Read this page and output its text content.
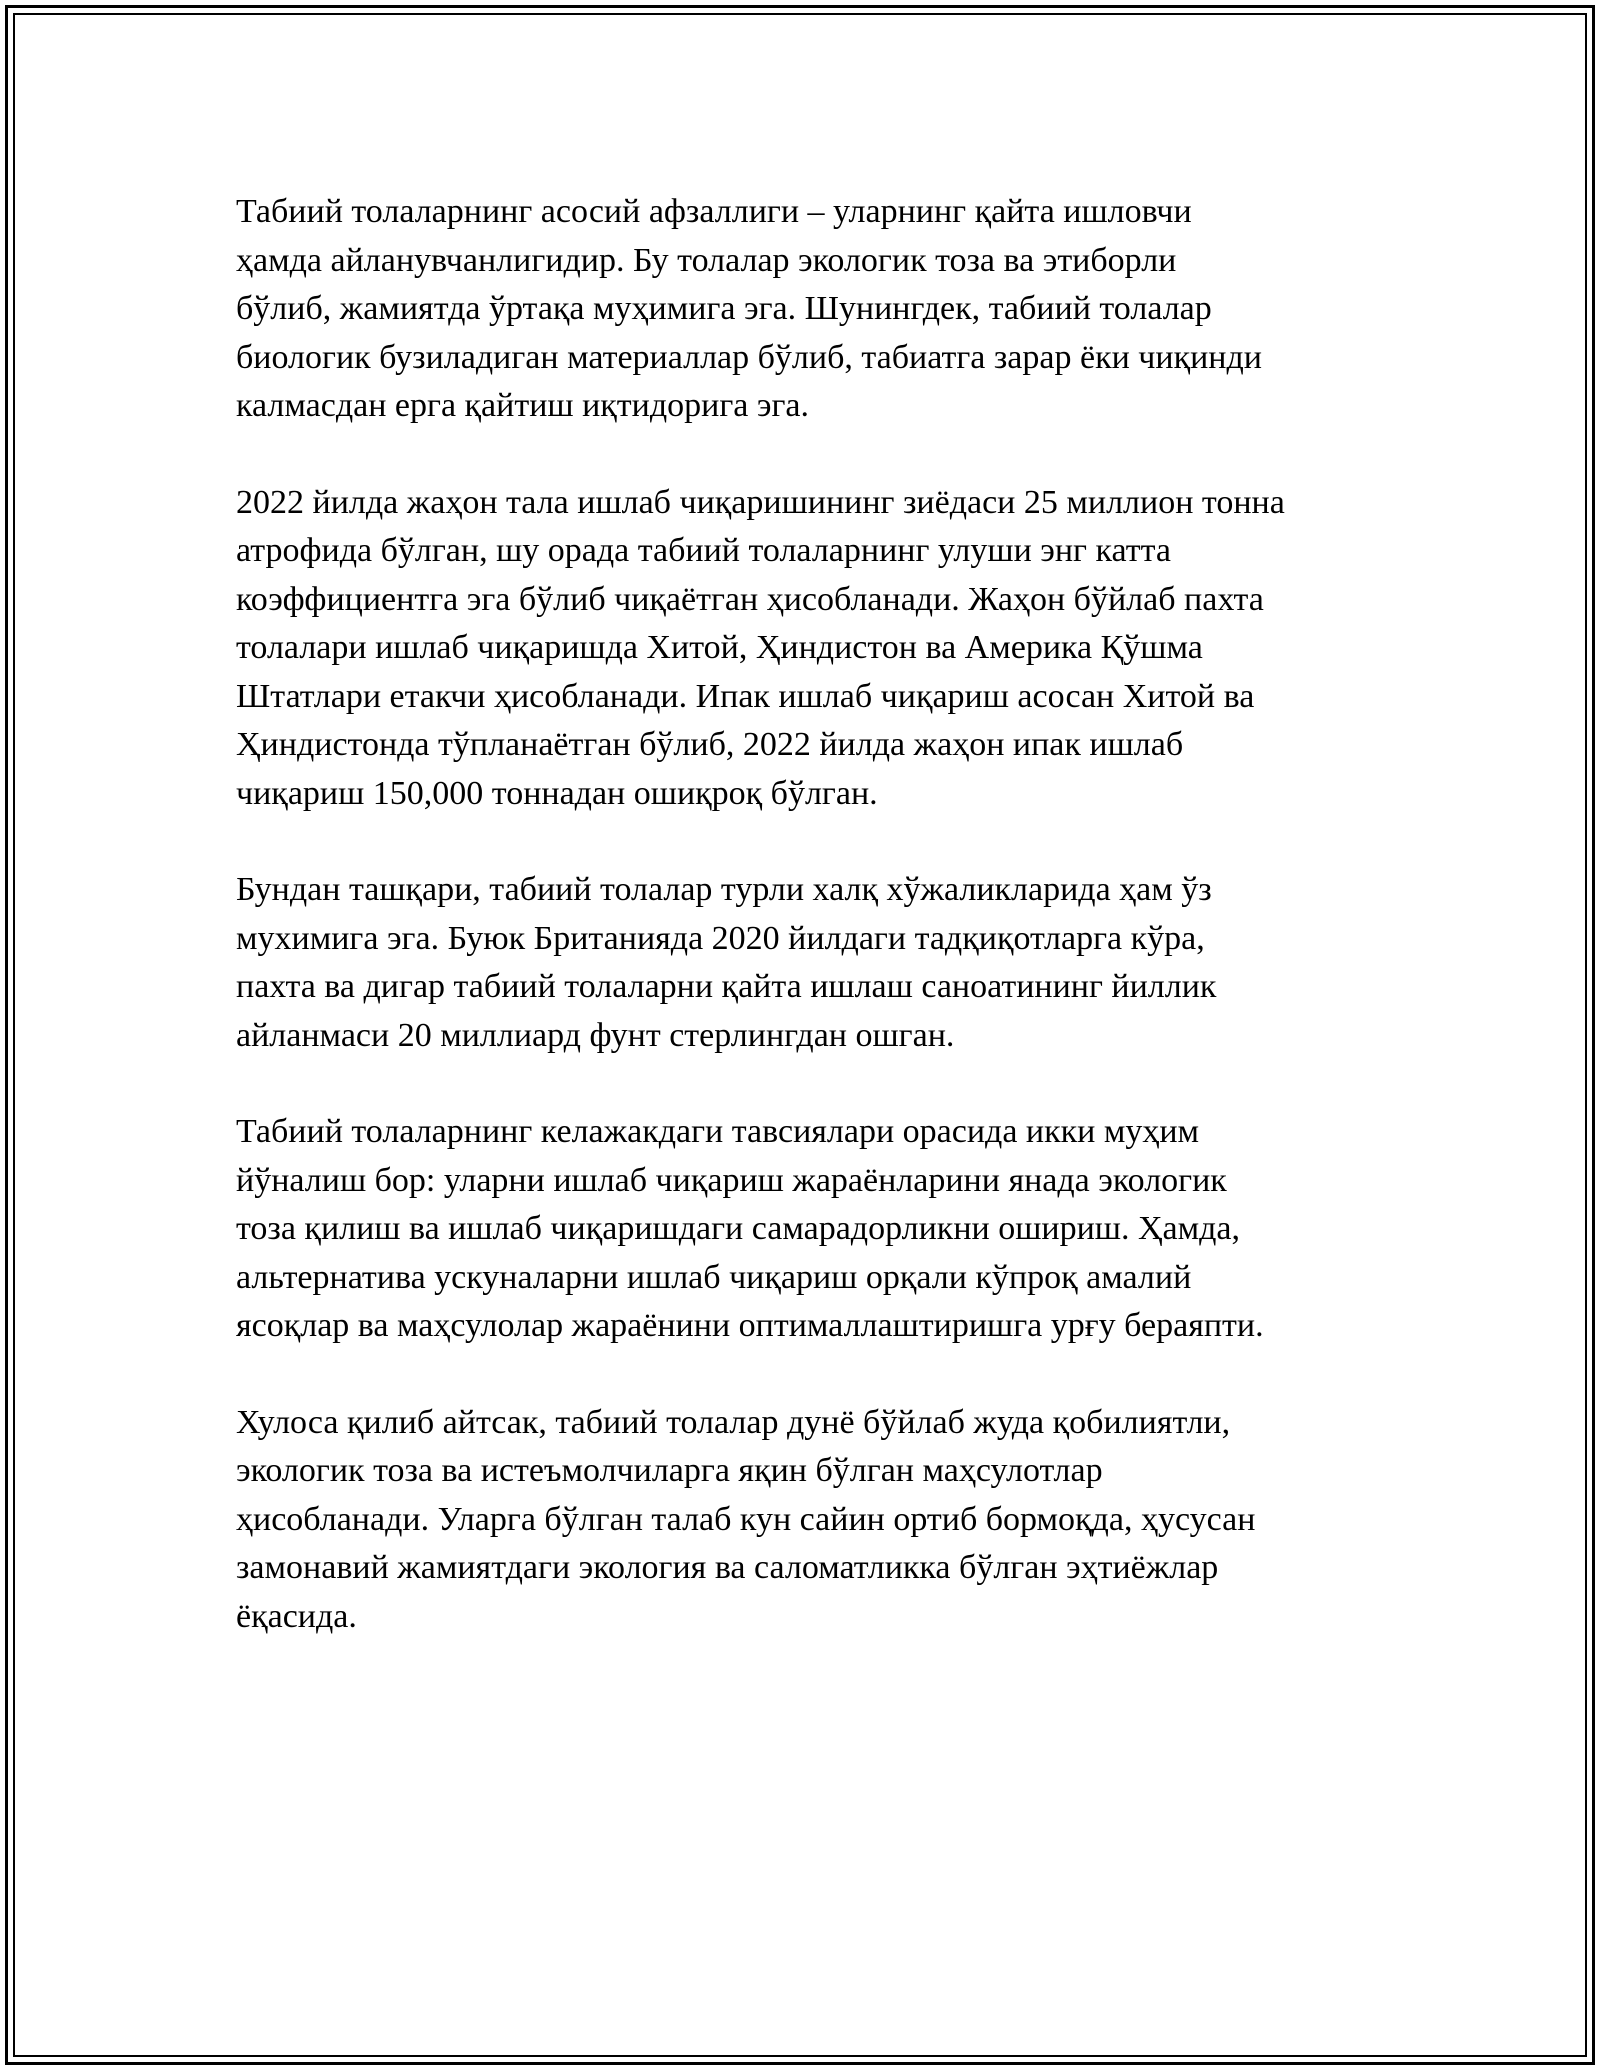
Табиий толаларнинг асосий афзаллиги – уларнинг қайта ишловчи
ҳамда айланувчанлигидир. Бу толалар экологик тоза ва этиборли
бўлиб, жамиятда ўртақа муҳимига эга. Шунингдек, табиий толалар
биологик бузиладиган материаллар бўлиб, табиатга зарар ёки чиқинди
калмасдан ерга қайтиш иқтидорига эга.

2022 йилда жаҳон тала ишлаб чиқаришининг зиёдаси 25 миллион тонна
атрофида бўлган, шу орада табиий толаларнинг улуши энг катта
коэффициентга эга бўлиб чиқаётган ҳисобланади. Жаҳон бўйлаб пахта
толалари ишлаб чиқаришда Хитой, Ҳиндистон ва Америка Қўшма
Штатлари етакчи ҳисобланади. Ипак ишлаб чиқариш асосан Хитой ва
Ҳиндистонда тўпланаётган бўлиб, 2022 йилда жаҳон ипак ишлаб
чиқариш 150,000 тоннадан ошиқроқ бўлган.

Бундан ташқари, табиий толалар турли халқ хўжаликларида ҳам ўз
мухимига эга. Буюк Британияда 2020 йилдаги тадқиқотларга кўра,
пахта ва дигар табиий толаларни қайта ишлаш саноатининг йиллик
айланмаси 20 миллиард фунт стерлингдан ошган.

Табиий толаларнинг келажакдаги тавсиялари орасида икки муҳим
йўналиш бор: уларни ишлаб чиқариш жараёнларини янада экологик
тоза қилиш ва ишлаб чиқаришдаги самарадорликни ошириш. Ҳамда,
альтернатива ускуналарни ишлаб чиқариш орқали кўпроқ амалий
ясоқлар ва маҳсулолар жараёнини оптималлаштиришга урғу бераяпти.

Хулоса қилиб айтсак, табиий толалар дунё бўйлаб жуда қобилиятли,
экологик тоза ва истеъмолчиларга яқин бўлган маҳсулотлар
ҳисобланади. Уларга бўлган талаб кун сайин ортиб бормоқда, ҳусусан
замонавий жамиятдаги экология ва саломатликка бўлган эҳтиёжлар
ёқасида.
